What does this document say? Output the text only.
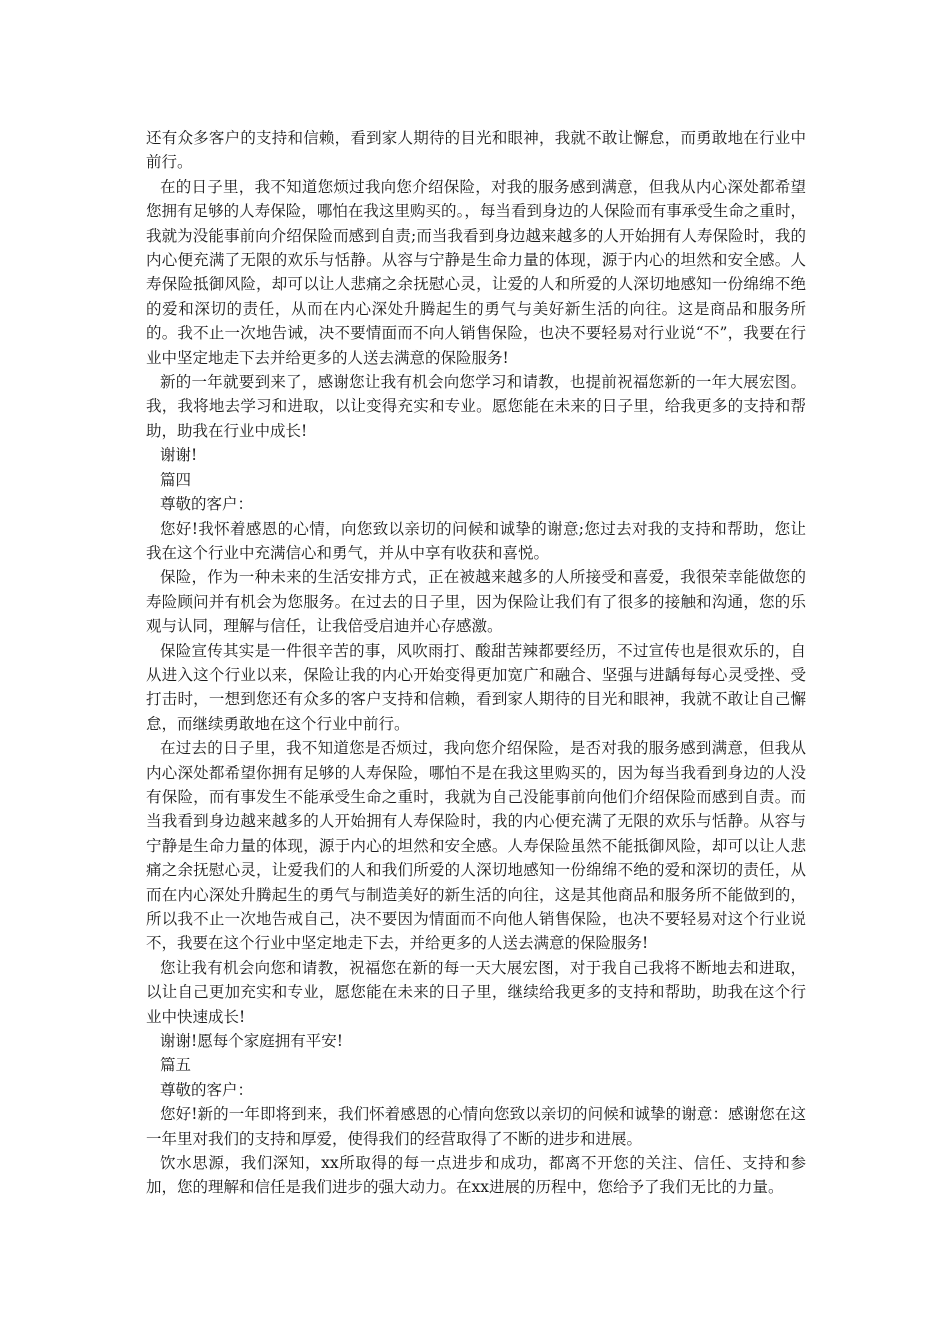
还有众多客户的支持和信赖，看到家人期待的目光和眼神，我就不敢让懈怠，而勇敢地在行业中前行。

在的日子里，我不知道您烦过我向您介绍保险，对我的服务感到满意，但我从内心深处都希望您拥有足够的人寿保险，哪怕在我这里购买的。，每当看到身边的人保险而有事承受生命之重时，我就为没能事前向介绍保险而感到自责;而当我看到身边越来越多的人开始拥有人寿保险时，我的内心便充满了无限的欢乐与恬静。从容与宁静是生命力量的体现，源于内心的坦然和安全感。人寿保险抵御风险，却可以让人悲痛之余抚慰心灵，让爱的人和所爱的人深切地感知一份绵绵不绝的爱和深切的责任，从而在内心深处升腾起生的勇气与美好新生活的向往。这是商品和服务所的。我不止一次地告诫，决不要情面而不向人销售保险，也决不要轻易对行业说“不”，我要在行业中坚定地走下去并给更多的人送去满意的保险服务!

新的一年就要到来了，感谢您让我有机会向您学习和请教，也提前祝福您新的一年大展宏图。我，我将地去学习和进取，以让变得充实和专业。愿您能在未来的日子里，给我更多的支持和帮助，助我在行业中成长!

谢谢!

篇四

尊敬的客户：

您好!我怀着感恩的心情，向您致以亲切的问候和诚挚的谢意;您过去对我的支持和帮助，您让我在这个行业中充满信心和勇气，并从中享有收获和喜悦。

保险，作为一种未来的生活安排方式，正在被越来越多的人所接受和喜爱，我很荣幸能做您的寿险顾问并有机会为您服务。在过去的日子里，因为保险让我们有了很多的接触和沟通，您的乐观与认同，理解与信任，让我倍受启迪并心存感激。

保险宣传其实是一件很辛苦的事，风吹雨打、酸甜苦辣都要经历，不过宣传也是很欢乐的，自从进入这个行业以来，保险让我的内心开始变得更加宽广和融合、坚强与进龋每每心灵受挫、受打击时，一想到您还有众多的客户支持和信赖，看到家人期待的目光和眼神，我就不敢让自己懈怠，而继续勇敢地在这个行业中前行。

在过去的日子里，我不知道您是否烦过，我向您介绍保险，是否对我的服务感到满意，但我从内心深处都希望你拥有足够的人寿保险，哪怕不是在我这里购买的，因为每当我看到身边的人没有保险，而有事发生不能承受生命之重时，我就为自己没能事前向他们介绍保险而感到自责。而当我看到身边越来越多的人开始拥有人寿保险时，我的内心便充满了无限的欢乐与恬静。从容与宁静是生命力量的体现，源于内心的坦然和安全感。人寿保险虽然不能抵御风险，却可以让人悲痛之余抚慰心灵，让爱我们的人和我们所爱的人深切地感知一份绵绵不绝的爱和深切的责任，从而在内心深处升腾起生的勇气与制造美好的新生活的向往，这是其他商品和服务所不能做到的，所以我不止一次地告戒自己，决不要因为情面而不向他人销售保险，也决不要轻易对这个行业说不，我要在这个行业中坚定地走下去，并给更多的人送去满意的保险服务!

您让我有机会向您和请教，祝福您在新的每一天大展宏图，对于我自己我将不断地去和进取，以让自己更加充实和专业，愿您能在未来的日子里，继续给我更多的支持和帮助，助我在这个行业中快速成长!

谢谢!愿每个家庭拥有平安!

篇五

尊敬的客户：

您好!新的一年即将到来，我们怀着感恩的心情向您致以亲切的问候和诚挚的谢意：感谢您在这一年里对我们的支持和厚爱，使得我们的经营取得了不断的进步和进展。

饮水思源，我们深知，xx所取得的每一点进步和成功，都离不开您的关注、信任、支持和参加，您的理解和信任是我们进步的强大动力。在xx进展的历程中，您给予了我们无比的力量。
